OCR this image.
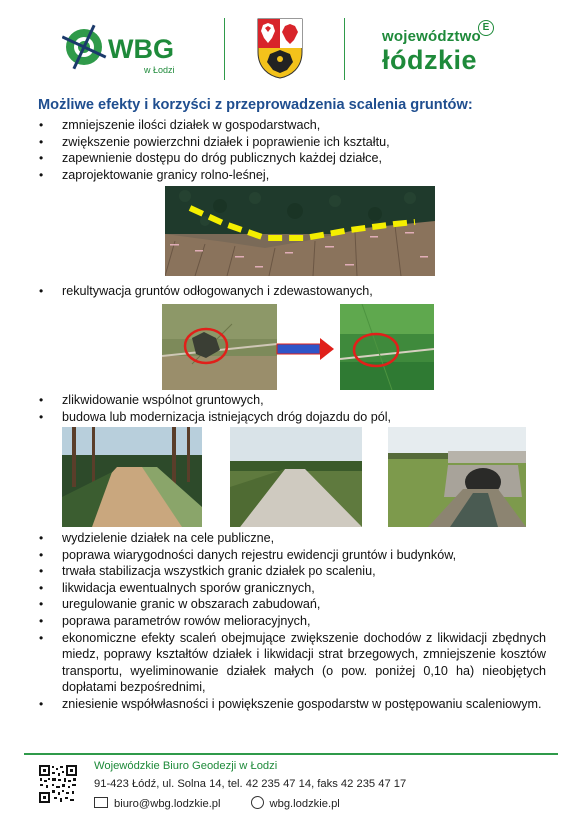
WBG
w Łodzi
województwo
E
łódzkie
Możliwe efekty i korzyści z przeprowadzenia scalenia gruntów:
• zmniejszenie ilości działek w gospodarstwach,
• zwiększenie powierzchni działek i poprawienie ich kształtu,
• zapewnienie dostępu do dróg publicznych każdej działce,
• zaprojektowanie granicy rolno-leśnej,
• rekultywacja gruntów odłogowanych i zdewastowanych,
• zlikwidowanie wspólnot gruntowych,
• budowa lub modernizacja istniejących dróg dojazdu do pól,
• wydzielenie działek na cele publiczne,
• poprawa wiarygodności danych rejestru ewidencji gruntów i budynków,
• trwała stabilizacja wszystkich granic działek po scaleniu,
• likwidacja ewentualnych sporów granicznych,
• uregulowanie granic w obszarach zabudowań,
• poprawa parametrów rowów melioracyjnych,
• ekonomiczne efekty scaleń obejmujące zwiększenie dochodów z likwidacji zbędnych miedz, poprawy kształtów działek i likwidacji strat brzegowych, zmniejszenie kosztów transportu, wyeliminowanie działek małych (o pow. poniżej 0,10 ha) nieobjętych dopłatami bezpośrednimi,
• zniesienie współwłasności i powiększenie gospodarstw w postępowaniu scaleniowym.
Wojewódzkie Biuro Geodezji w Łodzi
91-423 Łódź, ul. Solna 14, tel. 42 235 47 14, faks 42 235 47 17
biuro@wbg.lodzkie.pl	wbg.lodzkie.pl
